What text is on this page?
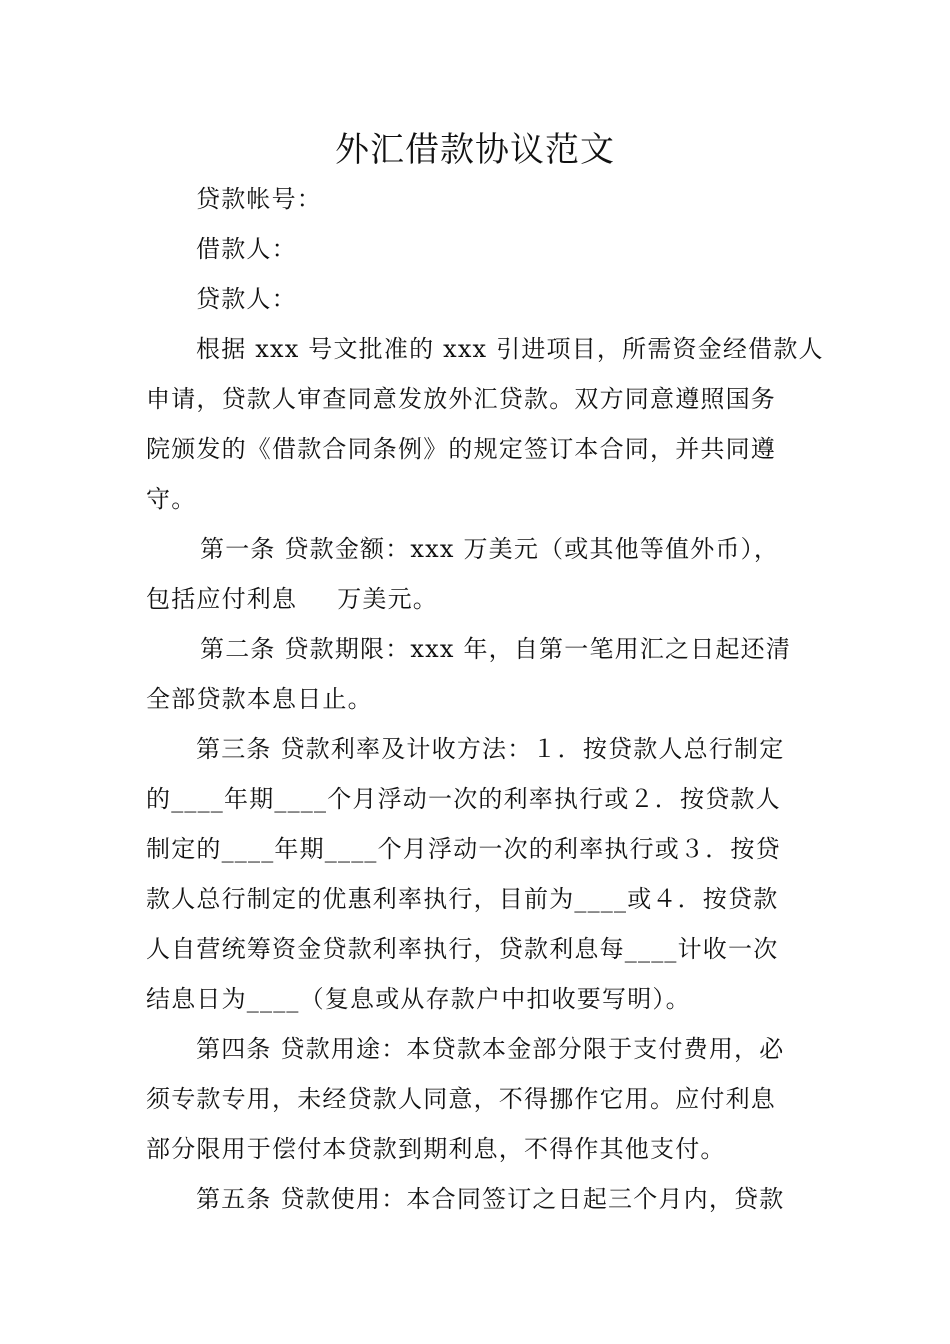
外汇借款协议范文
贷款帐号：
借款人：
贷款人：
根据 xxx 号文批准的 xxx 引进项目，所需资金经借款人
申请，贷款人审查同意发放外汇贷款。双方同意遵照国务
院颁发的《借款合同条例》的规定签订本合同，并共同遵
守。
第一条 贷款金额：xxx 万美元（或其他等值外币），
包括应付利息 万美元。
第二条 贷款期限：xxx 年，自第一笔用汇之日起还清
全部贷款本息日止。
第三条 贷款利率及计收方法：１．按贷款人总行制定
的____年期____个月浮动一次的利率执行或２．按贷款人
制定的____年期____个月浮动一次的利率执行或３．按贷
款人总行制定的优惠利率执行，目前为____或４．按贷款
人自营统筹资金贷款利率执行，贷款利息每____计收一次
结息日为____（复息或从存款户中扣收要写明）。
第四条 贷款用途：本贷款本金部分限于支付费用，必
须专款专用，未经贷款人同意，不得挪作它用。应付利息
部分限用于偿付本贷款到期利息，不得作其他支付。
第五条 贷款使用：本合同签订之日起三个月内，贷款
